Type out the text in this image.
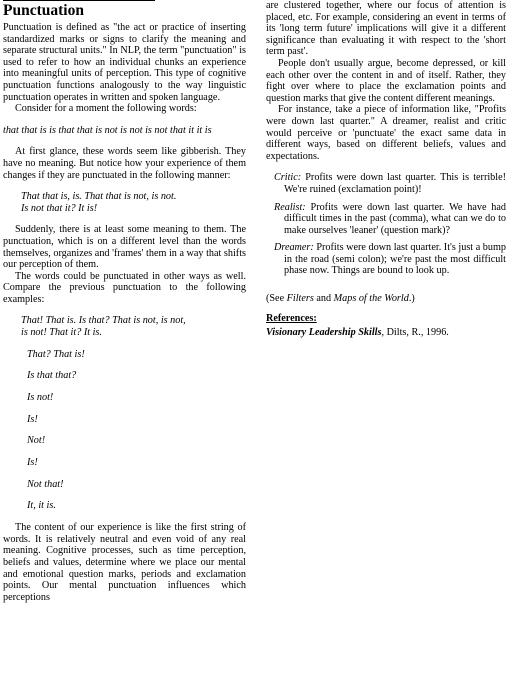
Punctuation

Punctuation is defined as "the act or practice of inserting standardized marks or signs to clarify the meaning and separate structural units." In NLP, the term "punctuation" is used to refer to how an individual chunks an experience into meaningful units of perception. This type of cognitive punctuation functions analogously to the way linguistic punctuation operates in written and spoken language.

Consider for a moment the following words:

that that is is that that is not is not is not that it it is

At first glance, these words seem like gibberish. They have no meaning. But notice how your experience of them changes if they are punctuated in the following manner:

That that is, is. That that is not, is not.
Is not that it? It is!

Suddenly, there is at least some meaning to them. The punctuation, which is on a different level than the words themselves, organizes and 'frames' them in a way that shifts our perception of them.

The words could be punctuated in other ways as well. Compare the previous punctuation to the following examples:

That! That is. Is that? That is not, is not,
is not! That it? It is.
That? That is!
Is that that?
Is not!
Is!
Not!
Is!
Not that!
It, it is.

The content of our experience is like the first string of words. It is relatively neutral and even void of any real meaning. Cognitive processes, such as time perception, beliefs and values, determine where we place our mental and emotional question marks, periods and exclamation points. Our mental punctuation influences which perceptions

are clustered together, where our focus of attention is placed, etc. For example, considering an event in terms of its 'long term future' implications will give it a different significance than evaluating it with respect to the 'short term past'.

People don't usually argue, become depressed, or kill each other over the content in and of itself. Rather, they fight over where to place the exclamation points and question marks that give the content different meanings.

For instance, take a piece of information like, "Profits were down last quarter." A dreamer, realist and critic would perceive or 'punctuate' the exact same data in different ways, based on different beliefs, values and expectations.

Critic: Profits were down last quarter. This is terrible! We're ruined (exclamation point)!

Realist: Profits were down last quarter. We have had difficult times in the past (comma), what can we do to make ourselves 'leaner' (question mark)?

Dreamer: Profits were down last quarter. It's just a bump in the road (semi colon); we're past the most difficult phase now. Things are bound to look up.

(See Filters and Maps of the World.)

References:

Visionary Leadership Skills, Dilts, R., 1996.
